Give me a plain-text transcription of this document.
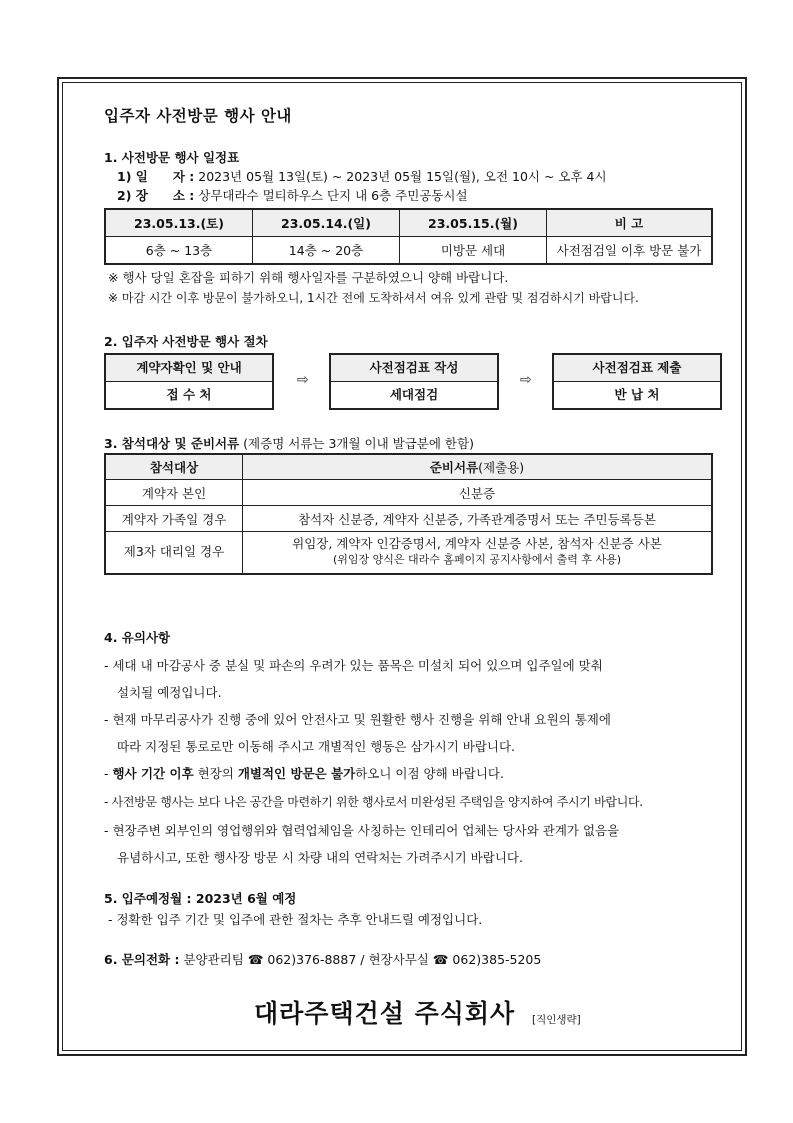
입주자 사전방문 행사 안내
1. 사전방문 행사 일정표
1) 일　　자 : 2023년 05월 13일(토) ~ 2023년 05월 15일(월), 오전 10시 ~ 오후 4시
2) 장　　소 : 상무대라수 멀티하우스 단지 내 6층 주민공동시설
23.05.13.(토)	23.05.14.(일)	23.05.15.(월)	비 고
6층 ~ 13층	14층 ~ 20층	미방문 세대	사전점검일 이후 방문 불가
※ 행사 당일 혼잡을 피하기 위해 행사일자를 구분하였으니 양해 바랍니다.
※ 마감 시간 이후 방문이 불가하오니, 1시간 전에 도착하셔서 여유 있게 관람 및 점검하시기 바랍니다.
2. 입주자 사전방문 행사 절차
계약자확인 및 안내
접 수 처
⇨
사전점검표 작성
세대점검
⇨
사전점검표 제출
반 납 처
3. 참석대상 및 준비서류 (제증명 서류는 3개월 이내 발급분에 한함)
참석대상	준비서류(제출용)
계약자 본인	신분증
계약자 가족일 경우	참석자 신분증, 계약자 신분증, 가족관계증명서 또는 주민등록등본
제3자 대리일 경우	위임장, 계약자 인감증명서, 계약자 신분증 사본, 참석자 신분증 사본
(위임장 양식은 대라수 홈페이지 공지사항에서 출력 후 사용)
4. 유의사항
- 세대 내 마감공사 중 분실 및 파손의 우려가 있는 품목은 미설치 되어 있으며 입주일에 맞춰
설치될 예정입니다.
- 현재 마무리공사가 진행 중에 있어 안전사고 및 원활한 행사 진행을 위해 안내 요원의 통제에
따라 지정된 통로로만 이동해 주시고 개별적인 행동은 삼가시기 바랍니다.
- 행사 기간 이후 현장의 개별적인 방문은 불가하오니 이점 양해 바랍니다.
- 사전방문 행사는 보다 나은 공간을 마련하기 위한 행사로서 미완성된 주택임을 양지하여 주시기 바랍니다.
- 현장주변 외부인의 영업행위와 협력업체임을 사칭하는 인테리어 업체는 당사와 관계가 없음을
유념하시고, 또한 행사장 방문 시 차량 내의 연락처는 가려주시기 바랍니다.
5. 입주예정월 : 2023년 6월 예정
- 정확한 입주 기간 및 입주에 관한 절차는 추후 안내드릴 예정입니다.
6. 문의전화 : 분양관리팀 ☎ 062)376-8887 / 현장사무실 ☎ 062)385-5205
대라주택건설 주식회사 [직인생략]
